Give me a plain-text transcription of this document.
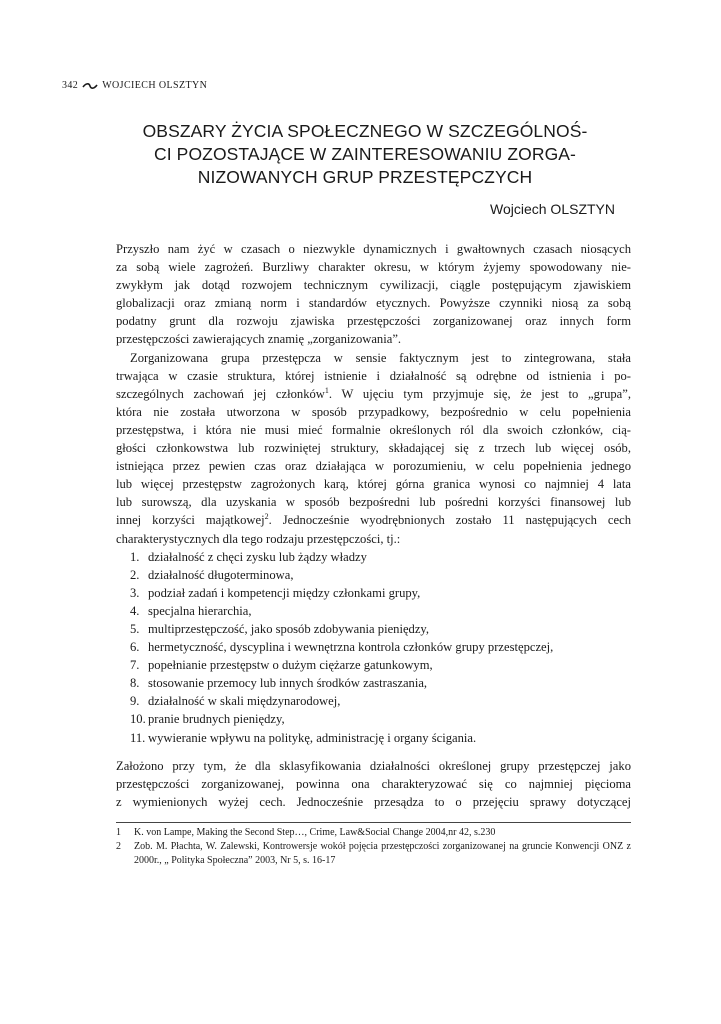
342 WOJCIECH OLSZTYN
OBSZARY ŻYCIA SPOŁECZNEGO W SZCZEGÓLNOŚ-
CI POZOSTAJĄCE W ZAINTERESOWANIU ZORGA-
NIZOWANYCH GRUP PRZESTĘPCZYCH
Wojciech OLSZTYN

Przyszło nam żyć w czasach o niezwykle dynamicznych i gwałtownych czasach niosących
za sobą wiele zagrożeń. Burzliwy charakter okresu, w którym żyjemy spowodowany nie-
zwykłym jak dotąd rozwojem technicznym cywilizacji, ciągle postępującym zjawiskiem
globalizacji oraz zmianą norm i standardów etycznych. Powyższe czynniki niosą za sobą
podatny grunt dla rozwoju zjawiska przestępczości zorganizowanej oraz innych form
przestępczości zawierających znamię „zorganizowania”.

Zorganizowana grupa przestępcza w sensie faktycznym jest to zintegrowana, stała
trwająca w czasie struktura, której istnienie i działalność są odrębne od istnienia i po-
szczególnych zachowań jej członków$^1$. W ujęciu tym przyjmuje się, że jest to „grupa”,
która nie została utworzona w sposób przypadkowy, bezpośrednio w celu popełnienia
przestępstwa, i która nie musi mieć formalnie określonych ról dla swoich członków, cią-
głości członkowstwa lub rozwiniętej struktury, składającej się z trzech lub więcej osób,
istniejąca przez pewien czas oraz działająca w porozumieniu, w celu popełnienia jednego
lub więcej przestępstw zagrożonych karą, której górna granica wynosi co najmniej 4 lata
lub surowszą, dla uzyskania w sposób bezpośredni lub pośredni korzyści finansowej lub
innej korzyści majątkowej$^2$. Jednocześnie wyodrębnionych zostało 11 następujących cech
charakterystycznych dla tego rodzaju przestępczości, tj.:

1. działalność z chęci zysku lub żądzy władzy
2. działalność długoterminowa,
3. podział zadań i kompetencji między członkami grupy,
4. specjalna hierarchia,
5. multiprzestępczość, jako sposób zdobywania pieniędzy,
6. hermetyczność, dyscyplina i wewnętrzna kontrola członków grupy przestępczej,
7. popełnianie przestępstw o dużym ciężarze gatunkowym,
8. stosowanie przemocy lub innych środków zastraszania,
9. działalność w skali międzynarodowej,
10. pranie brudnych pieniędzy,
11. wywieranie wpływu na politykę, administrację i organy ścigania.

Założono przy tym, że dla sklasyfikowania działalności określonej grupy przestępczej jako
przestępczości zorganizowanej, powinna ona charakteryzować się co najmniej pięcioma
z wymienionych wyżej cech. Jednocześnie przesądza to o przejęciu sprawy dotyczącej

1	K. von Lampe, Making the Second Step…, Crime, Law&Social Change 2004,nr 42, s.230
2	Zob. M. Płachta, W. Zalewski, Kontrowersje wokół pojęcia przestępczości zorganizowanej na gruncie Konwencji ONZ z 2000r., „ Polityka Społeczna” 2003, Nr 5, s. 16-17
